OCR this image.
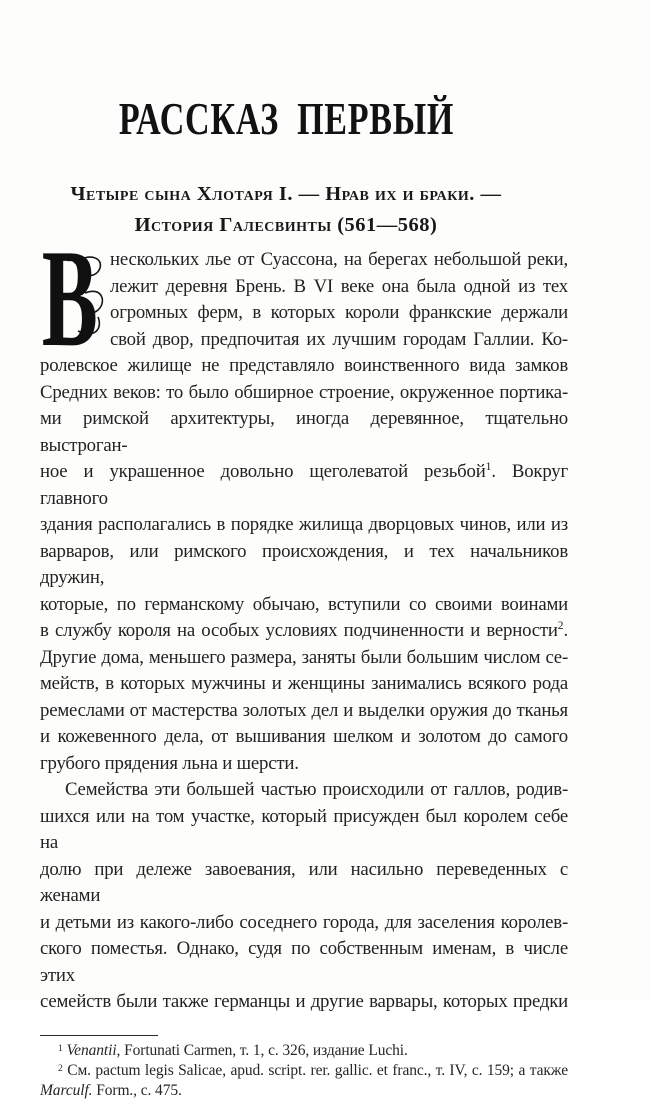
РАССКАЗ ПЕРВЫЙ
Четыре сына Хлотаря I. — Нрав их и браки. —
История Галесвинты (561—568)
В нескольких лье от Суассона, на берегах небольшой реки,
лежит деревня Брень. В VI веке она была одной из тех
огромных ферм, в которых короли франкские держали
свой двор, предпочитая их лучшим городам Галлии. Ко-
ролевское жилище не представляло воинственного вида замков
Средних веков: то было обширное строение, окруженное портика-
ми римской архитектуры, иногда деревянное, тщательно выстроган-
ное и украшенное довольно щеголеватой резьбой$^1$. Вокруг главного
здания располагались в порядке жилища дворцовых чинов, или из
варваров, или римского происхождения, и тех начальников дружин,
которые, по германскому обычаю, вступили со своими воинами
в службу короля на особых условиях подчиненности и верности$^2$.
Другие дома, меньшего размера, заняты были большим числом се-
мейств, в которых мужчины и женщины занимались всякого рода
ремеслами от мастерства золотых дел и выделки оружия до тканья
и кожевенного дела, от вышивания шелком и золотом до самого
грубого прядения льна и шерсти.
Семейства эти большей частью происходили от галлов, родив-
шихся или на том участке, который присужден был королем себе на
долю при дележе завоевания, или насильно переведенных с женами
и детьми из какого-либо соседнего города, для заселения королев-
ского поместья. Однако, судя по собственным именам, в числе этих
семейств были также германцы и другие варвары, которых предки
$^1$ Venantii, Fortunati Carmen, т. 1, с. 326, издание Luchi.
$^2$ См. pactum legis Salicae, apud. script. rer. gallic. et franc., т. IV, с. 159; а также
Marculf. Form., с. 475.
